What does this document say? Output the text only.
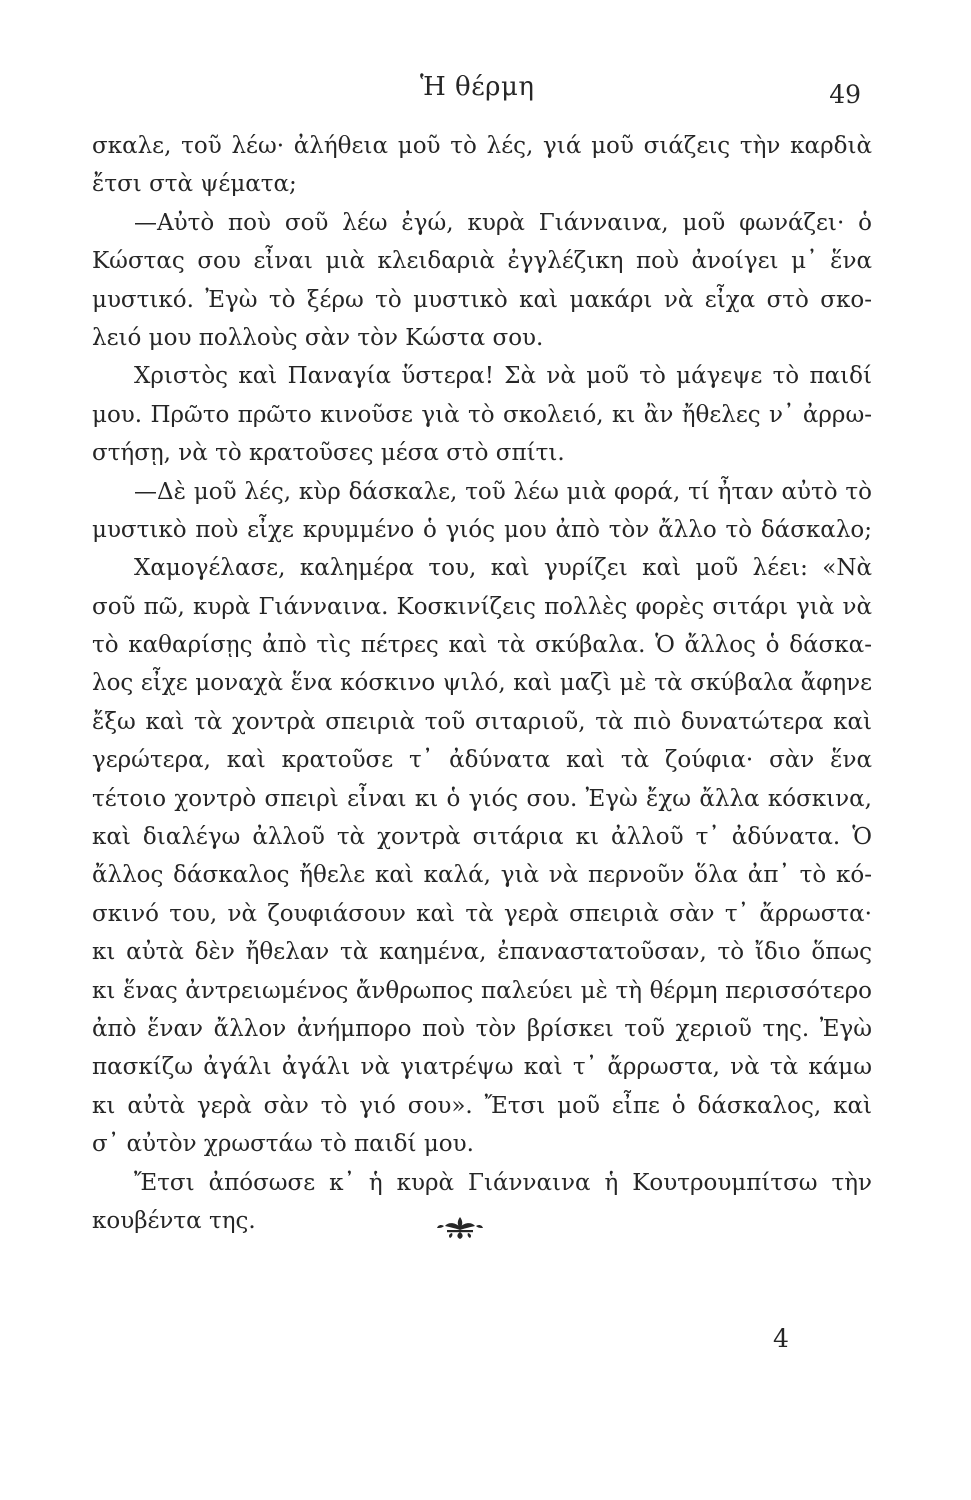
Ἡ θέρμη	49
σκαλε, τοῦ λέω· ἀλήθεια μοῦ τὸ λές, γιά μοῦ σιάζεις τὴν καρδιὰ
ἔτσι στὰ ψέματα;
—Αὐτὸ ποὺ σοῦ λέω ἐγώ, κυρὰ Γιάνναινα, μοῦ φωνάζει· ὁ
Κώστας σου εἶναι μιὰ κλειδαριὰ ἐγγλέζικη ποὺ ἀνοίγει μ᾽ ἕνα
μυστικό. Ἐγὼ τὸ ξέρω τὸ μυστικὸ καὶ μακάρι νὰ εἶχα στὸ σκο-
λειό μου πολλοὺς σὰν τὸν Κώστα σου.
Χριστὸς καὶ Παναγία ὕστερα! Σὰ νὰ μοῦ τὸ μάγεψε τὸ παιδί
μου. Πρῶτο πρῶτο κινοῦσε γιὰ τὸ σκολειό, κι ἂν ἤθελες ν᾽ ἀρρω-
στήσῃ, νὰ τὸ κρατοῦσες μέσα στὸ σπίτι.
—Δὲ μοῦ λές, κὺρ δάσκαλε, τοῦ λέω μιὰ φορά, τί ἦταν αὐτὸ τὸ
μυστικὸ ποὺ εἶχε κρυμμένο ὁ γιός μου ἀπὸ τὸν ἄλλο τὸ δάσκαλο;
Χαμογέλασε, καλημέρα του, καὶ γυρίζει καὶ μοῦ λέει: «Νὰ
σοῦ πῶ, κυρὰ Γιάνναινα. Κοσκινίζεις πολλὲς φορὲς σιτάρι γιὰ νὰ
τὸ καθαρίσῃς ἀπὸ τὶς πέτρες καὶ τὰ σκύβαλα. Ὁ ἄλλος ὁ δάσκα-
λος εἶχε μοναχὰ ἕνα κόσκινο ψιλό, καὶ μαζὶ μὲ τὰ σκύβαλα ἄφηνε
ἔξω καὶ τὰ χοντρὰ σπειριὰ τοῦ σιταριοῦ, τὰ πιὸ δυνατώτερα καὶ
γερώτερα, καὶ κρατοῦσε τ᾽ ἀδύνατα καὶ τὰ ζούφια· σὰν ἕνα
τέτοιο χοντρὸ σπειρὶ εἶναι κι ὁ γιός σου. Ἐγὼ ἔχω ἄλλα κόσκινα,
καὶ διαλέγω ἀλλοῦ τὰ χοντρὰ σιτάρια κι ἀλλοῦ τ᾽ ἀδύνατα. Ὁ
ἄλλος δάσκαλος ἤθελε καὶ καλά, γιὰ νὰ περνοῦν ὅλα ἀπ᾽ τὸ κό-
σκινό του, νὰ ζουφιάσουν καὶ τὰ γερὰ σπειριὰ σὰν τ᾽ ἄρρωστα·
κι αὐτὰ δὲν ἤθελαν τὰ καημένα, ἐπαναστατοῦσαν, τὸ ἴδιο ὅπως
κι ἕνας ἀντρειωμένος ἄνθρωπος παλεύει μὲ τὴ θέρμη περισσότερο
ἀπὸ ἕναν ἄλλον ἀνήμπορο ποὺ τὸν βρίσκει τοῦ χεριοῦ της. Ἐγὼ
πασκίζω ἀγάλι ἀγάλι νὰ γιατρέψω καὶ τ᾽ ἄρρωστα, νὰ τὰ κάμω
κι αὐτὰ γερὰ σὰν τὸ γιό σου». Ἔτσι μοῦ εἶπε ὁ δάσκαλος, καὶ
σ᾽ αὐτὸν χρωστάω τὸ παιδί μου.
Ἔτσι ἀπόσωσε κ᾽ ἡ κυρὰ Γιάνναινα ἡ Κουτρουμπίτσω τὴν
κουβέντα της.
4
